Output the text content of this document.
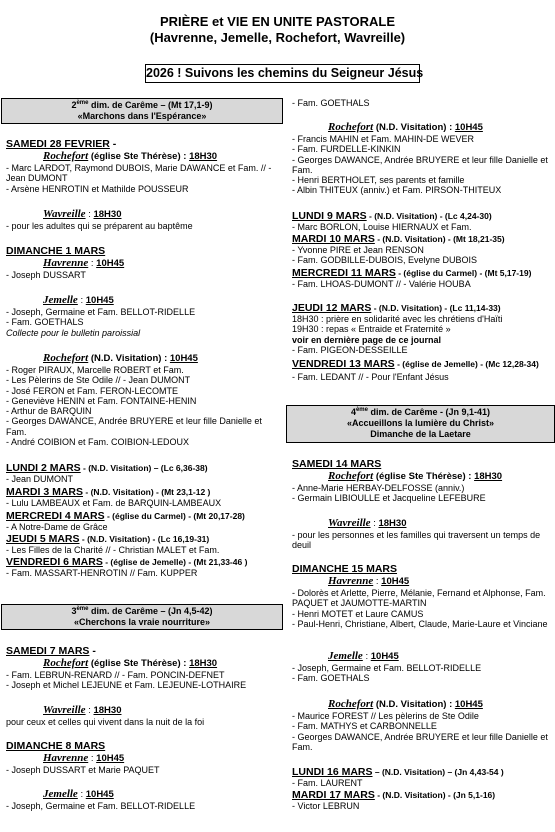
PRIÈRE et VIE EN UNITE PASTORALE
(Havrenne, Jemelle, Rochefort, Wavreille)
2026 ! Suivons les chemins du Seigneur Jésus
2ème dim. de Carême – (Mt 17,1-9)
«Marchons dans l'Espérance»
SAMEDI 28 FEVRIER -
Rochefort (église Ste Thérèse) : 18H30
- Marc LARDOT, Raymond DUBOIS, Marie DAWANCE et Fam. // - Jean DUMONT
- Arsène HENROTIN et Mathilde POUSSEUR
Wavreille : 18H30
- pour les adultes qui se préparent au baptême
DIMANCHE 1 MARS
Havrenne : 10H45
- Joseph DUSSART
Jemelle : 10H45
- Joseph, Germaine et Fam. BELLOT-RIDELLE
- Fam. GOETHALS
Collecte pour le bulletin paroissial
Rochefort (N.D. Visitation) : 10H45
- Roger PIRAUX, Marcelle ROBERT et Fam.
- Les Pèlerins de Ste Odile // - Jean DUMONT
- José FERON et Fam. FERON-LECOMTE
- Geneviève HENIN et Fam. FONTAINE-HENIN
- Arthur de BARQUIN
- Georges DAWANCE, Andrée BRUYERE et leur fille Danielle et Fam.
- André COIBION et Fam. COIBION-LEDOUX
LUNDI 2 MARS - (N.D. Visitation) – (Lc 6,36-38)
- Jean DUMONT
MARDI 3 MARS - (N.D. Visitation) - (Mt 23,1-12 )
- Lulu LAMBEAUX et Fam. de BARQUIN-LAMBEAUX
MERCREDI 4 MARS - (église du Carmel) - (Mt 20,17-28)
- A Notre-Dame de Grâce
JEUDI 5 MARS - (N.D. Visitation) - (Lc 16,19-31)
- Les Filles de la Charité // - Christian MALET et Fam.
VENDREDI 6 MARS - (église de Jemelle) - (Mt 21,33-46 )
- Fam. MASSART-HENROTIN // Fam. KUPPER
3ème dim. de Carême – (Jn 4,5-42)
«Cherchons la vraie nourriture»
SAMEDI 7 MARS -
Rochefort (église Ste Thérèse) : 18H30
- Fam. LEBRUN-RENARD // - Fam. PONCIN-DEFNET
- Joseph et Michel LEJEUNE et Fam. LEJEUNE-LOTHAIRE
Wavreille : 18H30
pour ceux et celles qui vivent dans la nuit de la foi
DIMANCHE 8 MARS
Havrenne : 10H45
- Joseph DUSSART et Marie PAQUET
Jemelle : 10H45
- Joseph, Germaine et Fam. BELLOT-RIDELLE
- Fam. GOETHALS
Rochefort (N.D. Visitation) : 10H45
- Francis MAHIN et Fam. MAHIN-DE WEVER
- Fam. FURDELLE-KINKIN
- Georges DAWANCE, Andrée BRUYERE et leur fille Danielle et Fam.
- Henri BERTHOLET, ses parents et famille
- Albin THITEUX (anniv.) et Fam. PIRSON-THITEUX
LUNDI 9 MARS - (N.D. Visitation) - (Lc 4,24-30)
- Marc BORLON, Louise HIERNAUX et Fam.
MARDI 10 MARS - (N.D. Visitation) - (Mt 18,21-35)
- Yvonne PIRE et Jean RENSON
- Fam. GODBILLE-DUBOIS, Evelyne DUBOIS
MERCREDI 11 MARS - (église du Carmel) - (Mt 5,17-19)
- Fam. LHOAS-DUMONT // - Valérie HOUBA
JEUDI 12 MARS - (N.D. Visitation) - (Lc 11,14-33)
18H30 : prière en solidarité avec les chrétiens d'Haïti
19H30 : repas « Entraide et Fraternité »
voir en dernière page de ce journal
- Fam. PIGEON-DESSEILLE
VENDREDI 13 MARS - (église de Jemelle) - (Mc 12,28-34)
- Fam. LEDANT // - Pour l'Enfant Jésus
4ème dim. de Carême - (Jn 9,1-41)
«Accueillons la lumière du Christ»
Dimanche de la Laetare
SAMEDI 14 MARS
Rochefort (église Ste Thérèse) : 18H30
- Anne-Marie HERBAY-DELFOSSE (anniv.)
- Germain LIBIOULLE et Jacqueline LEFEBURE
Wavreille : 18H30
- pour les personnes et les familles qui traversent un temps de deuil
DIMANCHE 15 MARS
Havrenne : 10H45
- Dolorès et Arlette, Pierre, Mélanie, Fernand et Alphonse, Fam. PAQUET et JAUMOTTE-MARTIN
- Henri MOTET et Laure CAMUS
- Paul-Henri, Christiane, Albert, Claude, Marie-Laure et Vinciane
Jemelle : 10H45
- Joseph, Germaine et Fam. BELLOT-RIDELLE
- Fam. GOETHALS
Rochefort (N.D. Visitation) : 10H45
- Maurice FOREST // Les pèlerins de Ste Odile
- Fam. MATHYS et CARBONNELLE
- Georges DAWANCE, Andrée BRUYERE et leur fille Danielle et Fam.
LUNDI 16 MARS – (N.D. Visitation) – (Jn 4,43-54 )
- Fam. LAURENT
MARDI 17 MARS - (N.D. Visitation) - (Jn 5,1-16)
- Victor LEBRUN
